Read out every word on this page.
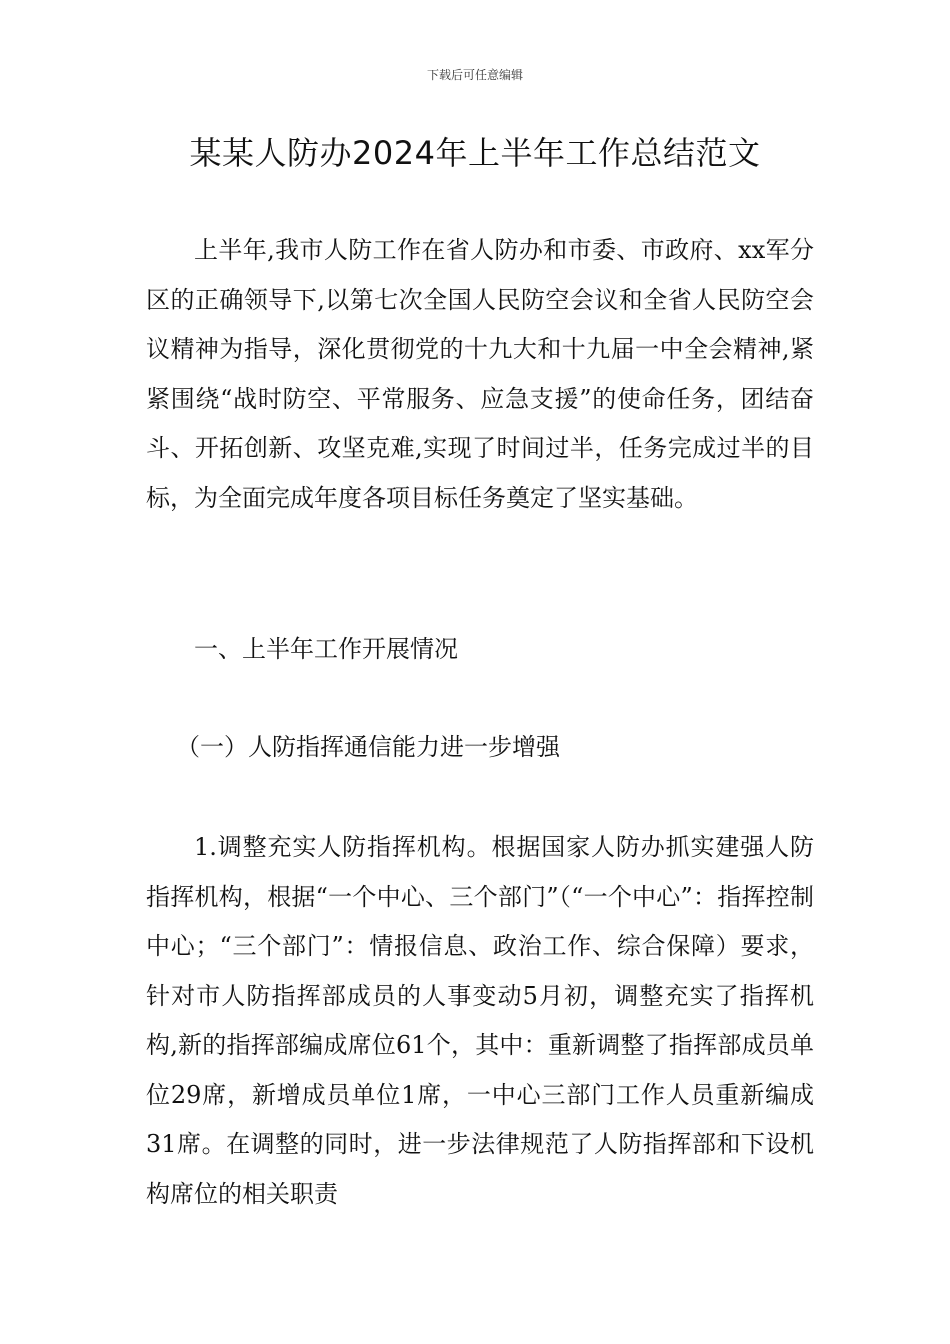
下载后可任意编辑
某某人防办2024年上半年工作总结范文

上半年,我市人防工作在省人防办和市委、市政府、xx军分区的正确领导下,以第七次全国人民防空会议和全省人民防空会议精神为指导，深化贯彻党的十九大和十九届一中全会精神,紧紧围绕“战时防空、平常服务、应急支援”的使命任务，团结奋斗、开拓创新、攻坚克难,实现了时间过半，任务完成过半的目标，为全面完成年度各项目标任务奠定了坚实基础。

一、上半年工作开展情况

（一）人防指挥通信能力进一步增强

1.调整充实人防指挥机构。根据国家人防办抓实建强人防指挥机构，根据“一个中心、三个部门”（“一个中心”：指挥控制中心；“三个部门”：情报信息、政治工作、综合保障）要求，针对市人防指挥部成员的人事变动5月初，调整充实了指挥机构,新的指挥部编成席位61个，其中：重新调整了指挥部成员单位29席，新增成员单位1席，一中心三部门工作人员重新编成31席。在调整的同时，进一步法律规范了人防指挥部和下设机构席位的相关职责
